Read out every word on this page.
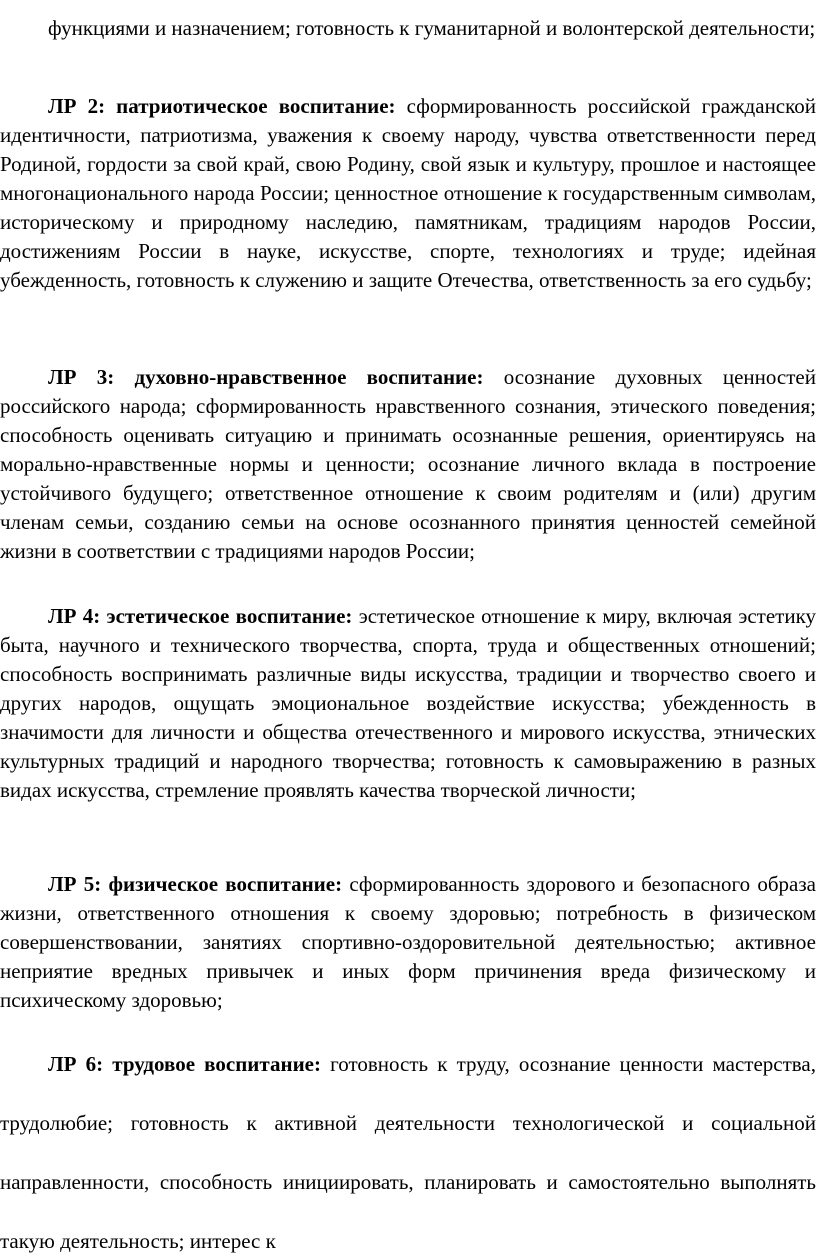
функциями и назначением; готовность к гуманитарной и волонтерской деятельности;

ЛР 2: патриотическое воспитание: сформированность российской гражданской идентичности, патриотизма, уважения к своему народу, чувства ответственности перед Родиной, гордости за свой край, свою Родину, свой язык и культуру, прошлое и настоящее многонационального народа России; ценностное отношение к государственным символам, историческому и природному наследию, памятникам, традициям народов России, достижениям России в науке, искусстве, спорте, технологиях и труде; идейная убежденность, готовность к служению и защите Отечества, ответственность за его судьбу;

ЛР 3: духовно-нравственное воспитание: осознание духовных ценностей российского народа; сформированность нравственного сознания, этического поведения; способность оценивать ситуацию и принимать осознанные решения, ориентируясь на морально-нравственные нормы и ценности; осознание личного вклада в построение устойчивого будущего; ответственное отношение к своим родителям и (или) другим членам семьи, созданию семьи на основе осознанного принятия ценностей семейной жизни в соответствии с традициями народов России;

ЛР 4: эстетическое воспитание: эстетическое отношение к миру, включая эстетику быта, научного и технического творчества, спорта, труда и общественных отношений; способность воспринимать различные виды искусства, традиции и творчество своего и других народов, ощущать эмоциональное воздействие искусства; убежденность в значимости для личности и общества отечественного и мирового искусства, этнических культурных традиций и народного творчества; готовность к самовыражению в разных видах искусства, стремление проявлять качества творческой личности;

ЛР 5: физическое воспитание: сформированность здорового и безопасного образа жизни, ответственного отношения к своему здоровью; потребность в физическом совершенствовании, занятиях спортивно-оздоровительной деятельностью; активное неприятие вредных привычек и иных форм причинения вреда физическому и психическому здоровью;

ЛР 6: трудовое воспитание: готовность к труду, осознание ценности мастерства, трудолюбие; готовность к активной деятельности технологической и социальной направленности, способность инициировать, планировать и самостоятельно выполнять такую деятельность; интерес к
